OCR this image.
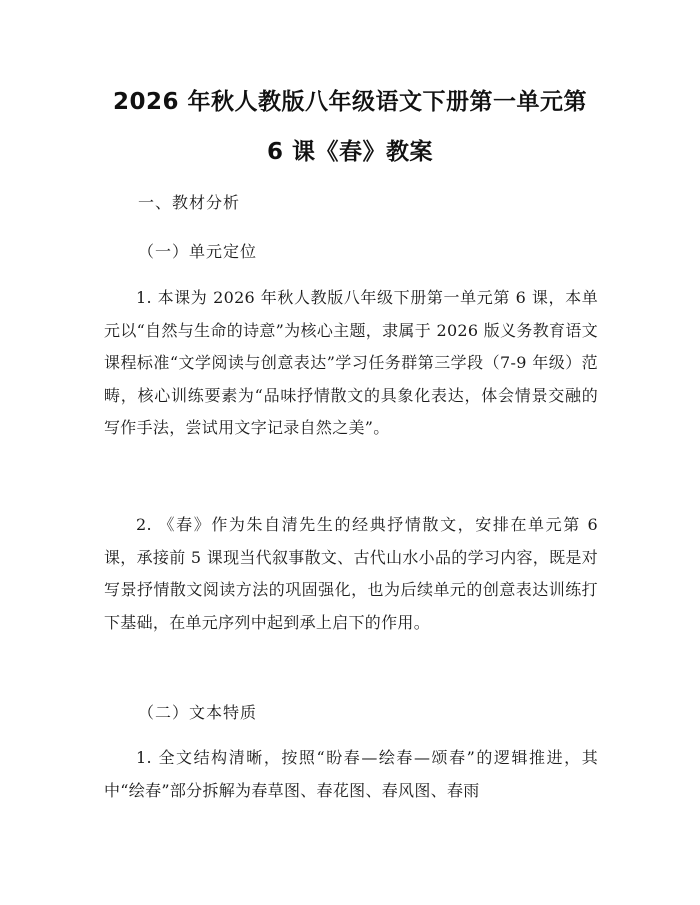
2026 年秋人教版八年级语文下册第一单元第
6 课《春》教案
一、教材分析
（一）单元定位
1. 本课为 2026 年秋人教版八年级下册第一单元第 6 课，本单元以“自然与生命的诗意”为核心主题，隶属于 2026 版义务教育语文课程标准“文学阅读与创意表达”学习任务群第三学段（7-9 年级）范畴，核心训练要素为“品味抒情散文的具象化表达，体会情景交融的写作手法，尝试用文字记录自然之美”。
2. 《春》作为朱自清先生的经典抒情散文，安排在单元第 6 课，承接前 5 课现当代叙事散文、古代山水小品的学习内容，既是对写景抒情散文阅读方法的巩固强化，也为后续单元的创意表达训练打下基础，在单元序列中起到承上启下的作用。
（二）文本特质
1. 全文结构清晰，按照“盼春—绘春—颂春”的逻辑推进，其中“绘春”部分拆解为春草图、春花图、春风图、春雨
